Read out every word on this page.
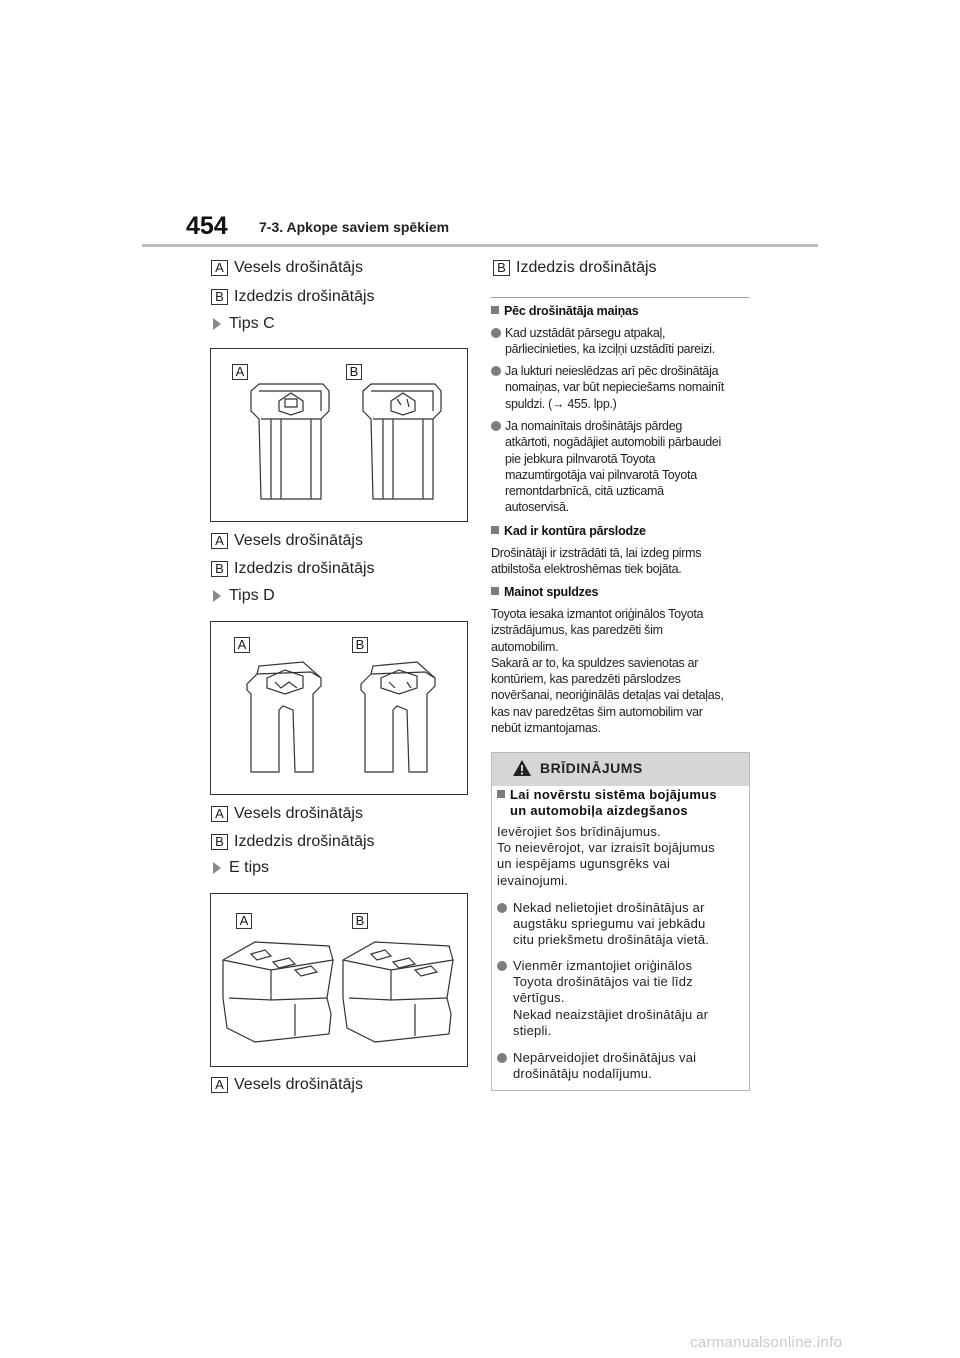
454 7-3. Apkope saviem spēkiem
A Vesels drošinātājs
B Izdedzis drošinātājs
Tips C
A	B
A Vesels drošinātājs
B Izdedzis drošinātājs
Tips D
A	B
A Vesels drošinātājs
B Izdedzis drošinātājs
E tips
A	B
A Vesels drošinātājs
B Izdedzis drošinātājs
Pēc drošinātāja maiņas
Kad uzstādāt pārsegu atpakaļ,
pārliecinieties, ka izciļņi uzstādīti pareizi.
Ja lukturi neieslēdzas arī pēc drošinātāja
nomaiņas, var būt nepieciešams nomainīt
spuldzi. (→ 455. lpp.)
Ja nomainītais drošinātājs pārdeg
atkārtoti, nogādājiet automobili pārbaudei
pie jebkura pilnvarotā Toyota
mazumtirgotāja vai pilnvarotā Toyota
remontdarbnīcā, citā uzticamā
autoservisā.
Kad ir kontūra pārslodze
Drošinātāji ir izstrādāti tā, lai izdeg pirms
atbilstoša elektroshēmas tiek bojāta.
Mainot spuldzes
Toyota iesaka izmantot oriģinālos Toyota
izstrādājumus, kas paredzēti šim
automobilim.
Sakarā ar to, ka spuldzes savienotas ar
kontūriem, kas paredzēti pārslodzes
novēršanai, neoriģinālās detaļas vai detaļas,
kas nav paredzētas šim automobilim var
nebūt izmantojamas.
BRĪDINĀJUMS
Lai novērstu sistēma bojājumus
un automobiļa aizdegšanos
Ievērojiet šos brīdinājumus.
To neievērojot, var izraisīt bojājumus
un iespējams ugunsgrēks vai
ievainojumi.
Nekad nelietojiet drošinātājus ar
augstāku spriegumu vai jebkādu
citu priekšmetu drošinātāja vietā.
Vienmēr izmantojiet oriģinālos
Toyota drošinātājos vai tie līdz
vērtīgus.
Nekad neaizstājiet drošinātāju ar
stiepli.
Nepārveidojiet drošinātājus vai
drošinātāju nodalījumu.
carmanualsonline.info
